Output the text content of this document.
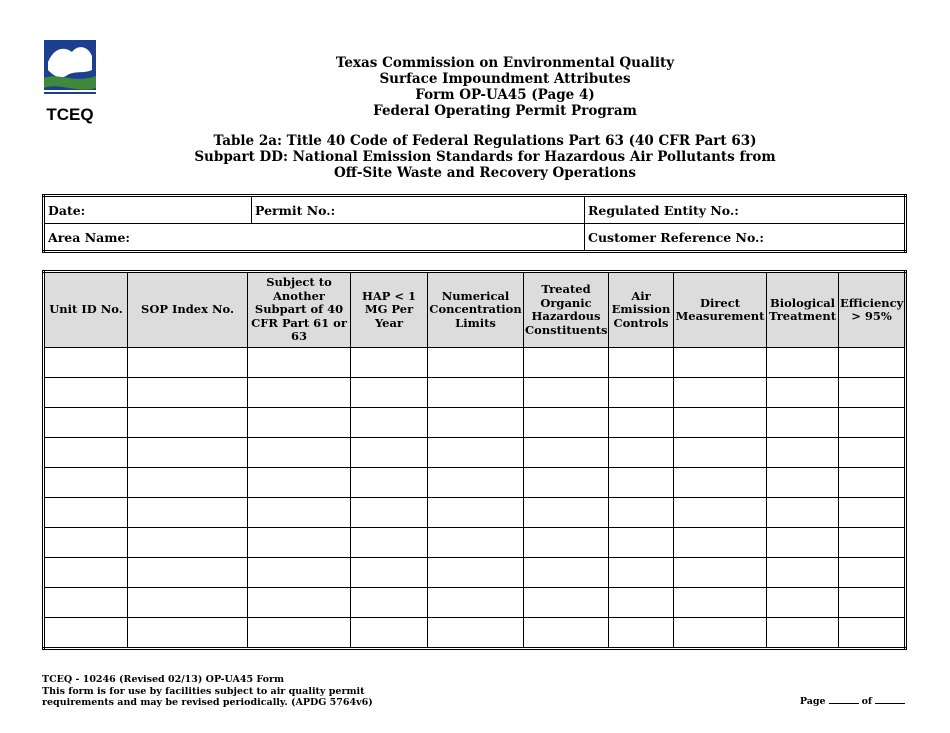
TCEQ
Texas Commission on Environmental Quality
Surface Impoundment Attributes
Form OP-UA45 (Page 4)
Federal Operating Permit Program
Table 2a: Title 40 Code of Federal Regulations Part 63 (40 CFR Part 63)
Subpart DD: National Emission Standards for Hazardous Air Pollutants from
Off-Site Waste and Recovery Operations
Date:	Permit No.:	Regulated Entity No.:
Area Name:		Customer Reference No.:
Unit ID No.	SOP Index No.	Subject to Another Subpart of 40 CFR Part 61 or 63	HAP < 1 MG Per Year	Numerical Concentration Limits	Treated Organic Hazardous Constituents	Air Emission Controls	Direct Measurement	Biological Treatment	Efficiency > 95%

TCEQ - 10246 (Revised 02/13) OP-UA45 Form
This form is for use by facilities subject to air quality permit
requirements and may be revised periodically. (APDG 5764v6)	Page	of
